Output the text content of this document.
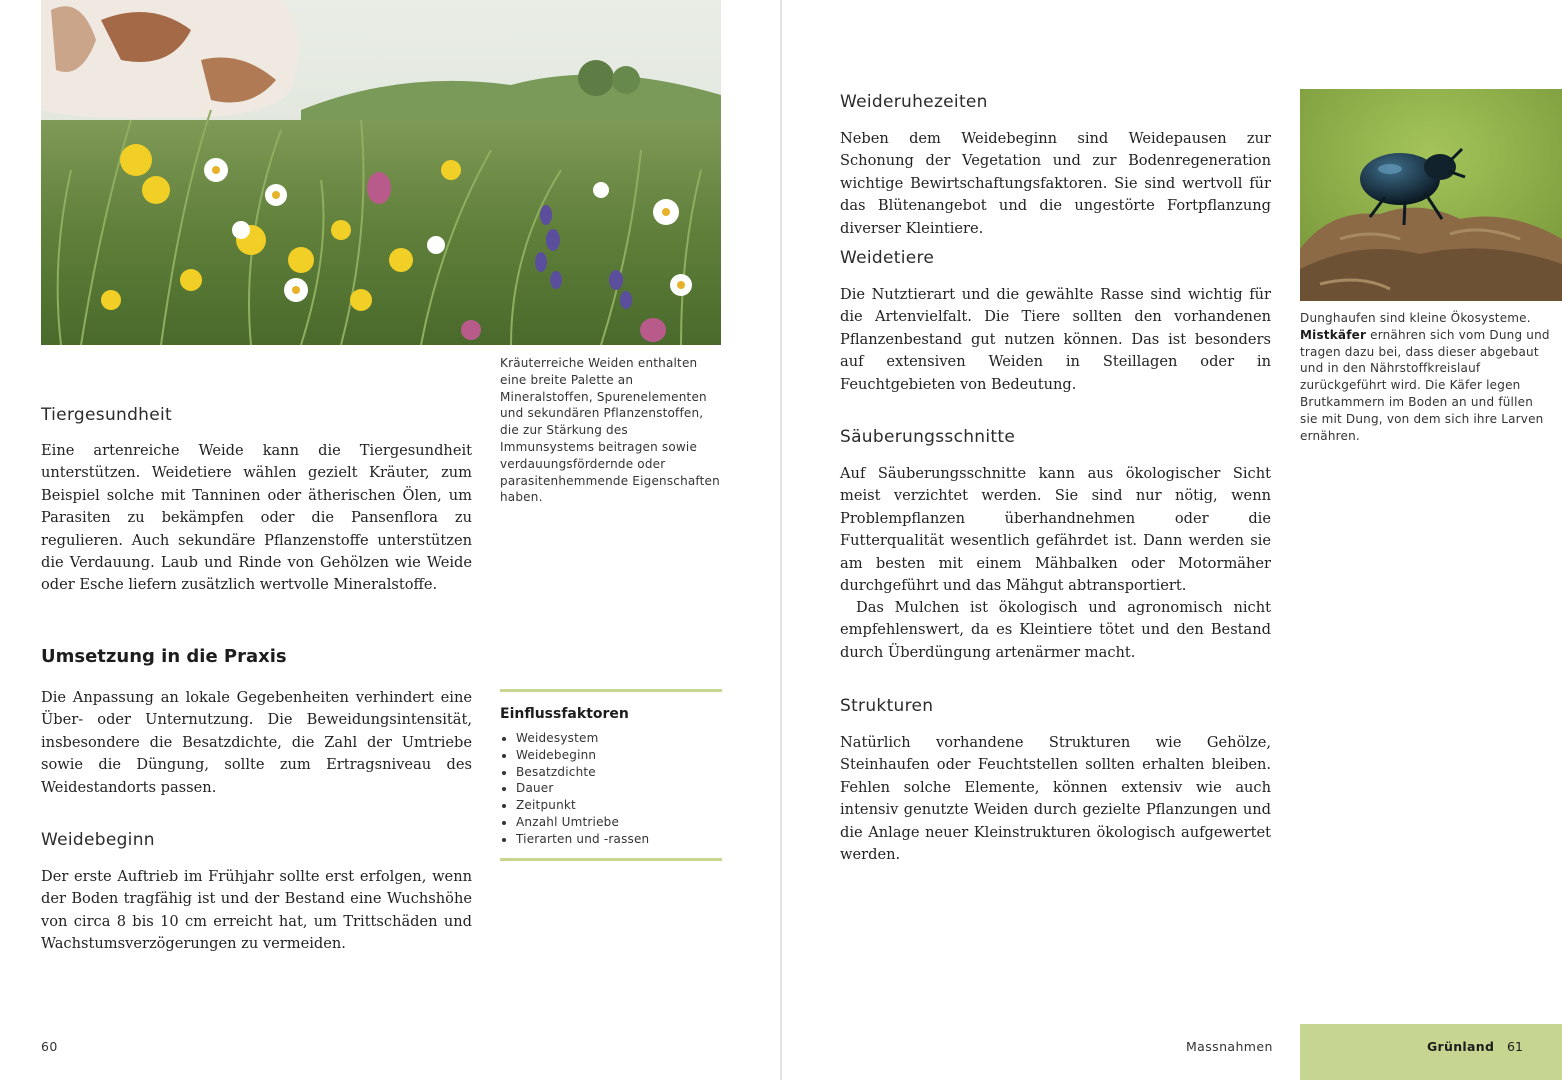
Kräuterreiche Weiden enthalten eine breite Palette an Mineralstoffen, Spurenelementen und sekundären Pflanzenstoffen, die zur Stärkung des Immunsystems beitragen sowie verdauungsfördernde oder parasitenhemmende Eigenschaften haben.

Tiergesundheit

Eine artenreiche Weide kann die Tiergesundheit unterstützen. Weidetiere wählen gezielt Kräuter, zum Beispiel solche mit Tanninen oder ätherischen Ölen, um Parasiten zu bekämpfen oder die Pansenflora zu regulieren. Auch sekundäre Pflanzenstoffe unterstützen die Verdauung. Laub und Rinde von Gehölzen wie Weide oder Esche liefern zusätzlich wertvolle Mineralstoffe.

Umsetzung in die Praxis

Die Anpassung an lokale Gegebenheiten verhindert eine Über- oder Unternutzung. Die Beweidungsintensität, insbesondere die Besatzdichte, die Zahl der Umtriebe sowie die Düngung, sollte zum Ertragsniveau des Weidestandorts passen.

Weidebeginn

Der erste Auftrieb im Frühjahr sollte erst erfolgen, wenn der Boden tragfähig ist und der Bestand eine Wuchshöhe von circa 8 bis 10 cm erreicht hat, um Trittschäden und Wachstumsverzögerungen zu vermeiden.

Einflussfaktoren
• Weidesystem
• Weidebeginn
• Besatzdichte
• Dauer
• Zeitpunkt
• Anzahl Umtriebe
• Tierarten und -rassen
60
Weideruhezeiten

Neben dem Weidebeginn sind Weidepausen zur Schonung der Vegetation und zur Bodenregeneration wichtige Bewirtschaftungsfaktoren. Sie sind wertvoll für das Blütenangebot und die ungestörte Fortpflanzung diverser Kleintiere.

Weidetiere

Die Nutztierart und die gewählte Rasse sind wichtig für die Artenvielfalt. Die Tiere sollten den vorhandenen Pflanzenbestand gut nutzen können. Das ist besonders auf extensiven Weiden in Steillagen oder in Feuchtgebieten von Bedeutung.

Säuberungsschnitte

Auf Säuberungsschnitte kann aus ökologischer Sicht meist verzichtet werden. Sie sind nur nötig, wenn Problempflanzen überhandnehmen oder die Futterqualität wesentlich gefährdet ist. Dann werden sie am besten mit einem Mähbalken oder Motormäher durchgeführt und das Mähgut abtransportiert.

Das Mulchen ist ökologisch und agronomisch nicht empfehlenswert, da es Kleintiere tötet und den Bestand durch Überdüngung artenärmer macht.

Strukturen

Natürlich vorhandene Strukturen wie Gehölze, Steinhaufen oder Feuchtstellen sollten erhalten bleiben. Fehlen solche Elemente, können extensiv wie auch intensiv genutzte Weiden durch gezielte Pflanzungen und die Anlage neuer Kleinstrukturen ökologisch aufgewertet werden.

Dunghaufen sind kleine Ökosysteme.
Mistkäfer ernähren sich vom Dung und tragen dazu bei, dass dieser abgebaut und in den Nährstoffkreislauf zurückgeführt wird. Die Käfer legen Brutkammern im Boden an und füllen sie mit Dung, von dem sich ihre Larven ernähren.

Massnahmen	Grünland 61
